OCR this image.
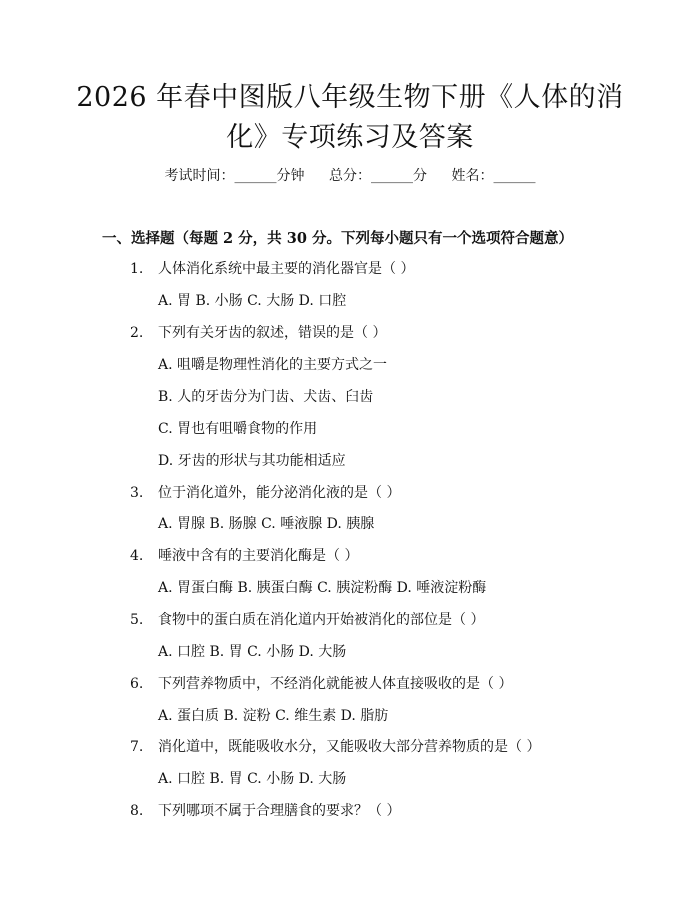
2026 年春中图版八年级生物下册《人体的消
化》专项练习及答案
考试时间：______分钟 总分：______分 姓名：______
一、选择题（每题 2 分，共 30 分。下列每小题只有一个选项符合题意）
1.	人体消化系统中最主要的消化器官是（ ）
A. 胃 B. 小肠 C. 大肠 D. 口腔
2.	下列有关牙齿的叙述，错误的是（ ）
A. 咀嚼是物理性消化的主要方式之一
B. 人的牙齿分为门齿、犬齿、臼齿
C. 胃也有咀嚼食物的作用
D. 牙齿的形状与其功能相适应
3.	位于消化道外，能分泌消化液的是（ ）
A. 胃腺 B. 肠腺 C. 唾液腺 D. 胰腺
4.	唾液中含有的主要消化酶是（ ）
A. 胃蛋白酶 B. 胰蛋白酶 C. 胰淀粉酶 D. 唾液淀粉酶
5.	食物中的蛋白质在消化道内开始被消化的部位是（ ）
A. 口腔 B. 胃 C. 小肠 D. 大肠
6.	下列营养物质中，不经消化就能被人体直接吸收的是（ ）
A. 蛋白质 B. 淀粉 C. 维生素 D. 脂肪
7.	消化道中，既能吸收水分，又能吸收大部分营养物质的是（ ）
A. 口腔 B. 胃 C. 小肠 D. 大肠
8.	下列哪项不属于合理膳食的要求？（ ）
